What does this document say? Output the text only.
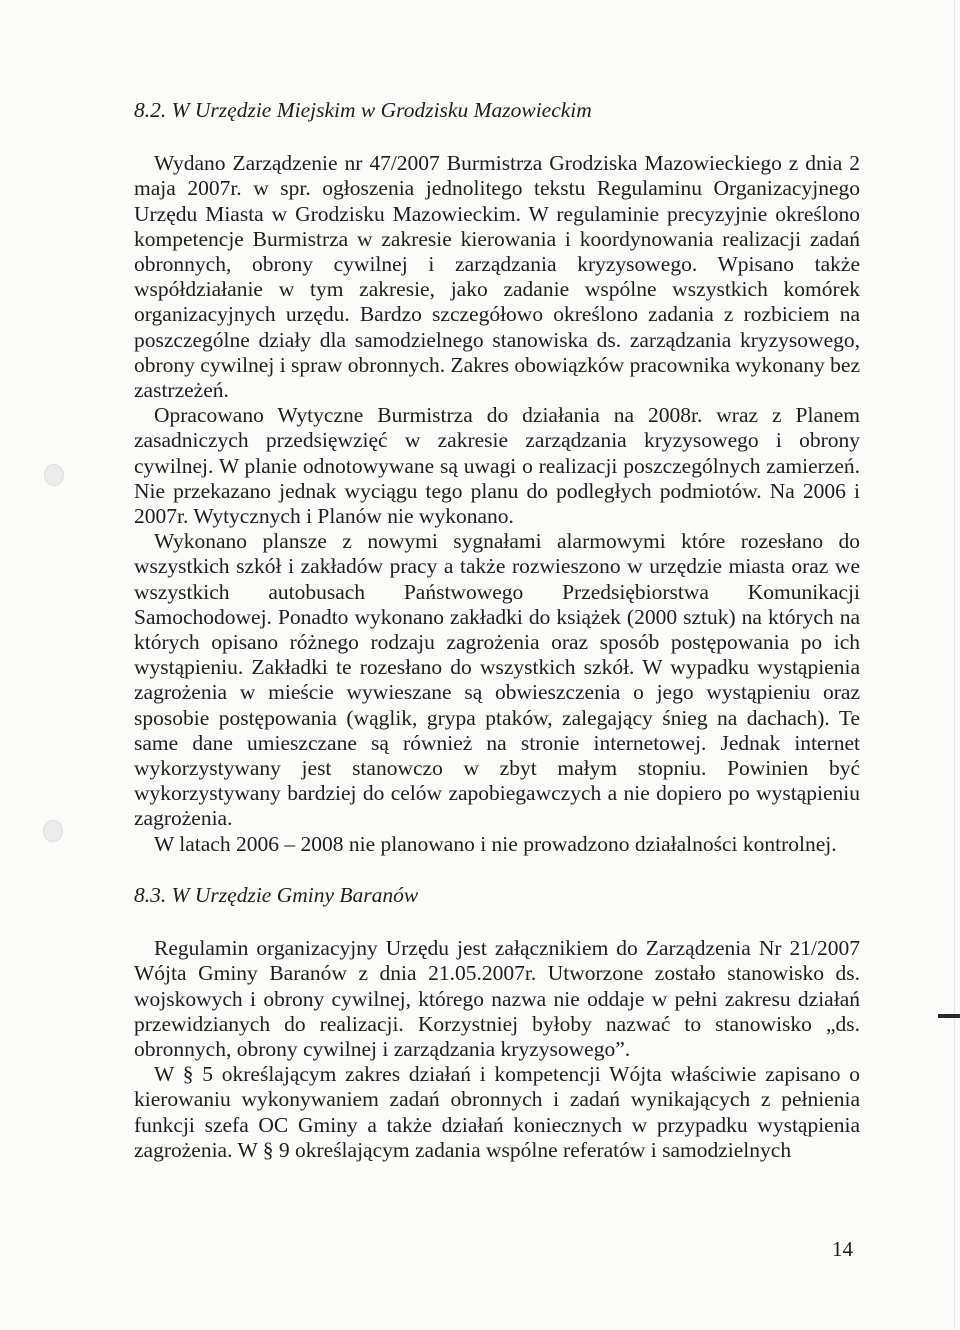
8.2. W Urzędzie Miejskim w Grodzisku Mazowieckim

Wydano Zarządzenie nr 47/2007 Burmistrza Grodziska Mazowieckiego z dnia 2 maja 2007r. w spr. ogłoszenia jednolitego tekstu Regulaminu Organizacyjnego Urzędu Miasta w Grodzisku Mazowieckim. W regulaminie precyzyjnie określono kompetencje Burmistrza w zakresie kierowania i koordynowania realizacji zadań obronnych, obrony cywilnej i zarządzania kryzysowego. Wpisano także współdziałanie w tym zakresie, jako zadanie wspólne wszystkich komórek organizacyjnych urzędu. Bardzo szczegółowo określono zadania z rozbiciem na poszczególne działy dla samodzielnego stanowiska ds. zarządzania kryzysowego, obrony cywilnej i spraw obronnych. Zakres obowiązków pracownika wykonany bez zastrzeżeń.

Opracowano Wytyczne Burmistrza do działania na 2008r. wraz z Planem zasadniczych przedsięwzięć w zakresie zarządzania kryzysowego i obrony cywilnej. W planie odnotowywane są uwagi o realizacji poszczególnych zamierzeń. Nie przekazano jednak wyciągu tego planu do podległych podmiotów. Na 2006 i 2007r. Wytycznych i Planów nie wykonano.

Wykonano plansze z nowymi sygnałami alarmowymi które rozesłano do wszystkich szkół i zakładów pracy a także rozwieszono w urzędzie miasta oraz we wszystkich autobusach Państwowego Przedsiębiorstwa Komunikacji Samochodowej. Ponadto wykonano zakładki do książek (2000 sztuk) na których na których opisano różnego rodzaju zagrożenia oraz sposób postępowania po ich wystąpieniu. Zakładki te rozesłano do wszystkich szkół. W wypadku wystąpienia zagrożenia w mieście wywieszane są obwieszczenia o jego wystąpieniu oraz sposobie postępowania (wąglik, grypa ptaków, zalegający śnieg na dachach). Te same dane umieszczane są również na stronie internetowej. Jednak internet wykorzystywany jest stanowczo w zbyt małym stopniu. Powinien być wykorzystywany bardziej do celów zapobiegawczych a nie dopiero po wystąpieniu zagrożenia.

W latach 2006 – 2008 nie planowano i nie prowadzono działalności kontrolnej.

8.3. W Urzędzie Gminy Baranów

Regulamin organizacyjny Urzędu jest załącznikiem do Zarządzenia Nr 21/2007 Wójta Gminy Baranów z dnia 21.05.2007r. Utworzone zostało stanowisko ds. wojskowych i obrony cywilnej, którego nazwa nie oddaje w pełni zakresu działań przewidzianych do realizacji. Korzystniej byłoby nazwać to stanowisko „ds. obronnych, obrony cywilnej i zarządzania kryzysowego”.

W § 5 określającym zakres działań i kompetencji Wójta właściwie zapisano o kierowaniu wykonywaniem zadań obronnych i zadań wynikających z pełnienia funkcji szefa OC Gminy a także działań koniecznych w przypadku wystąpienia zagrożenia. W § 9 określającym zadania wspólne referatów i samodzielnych

14
